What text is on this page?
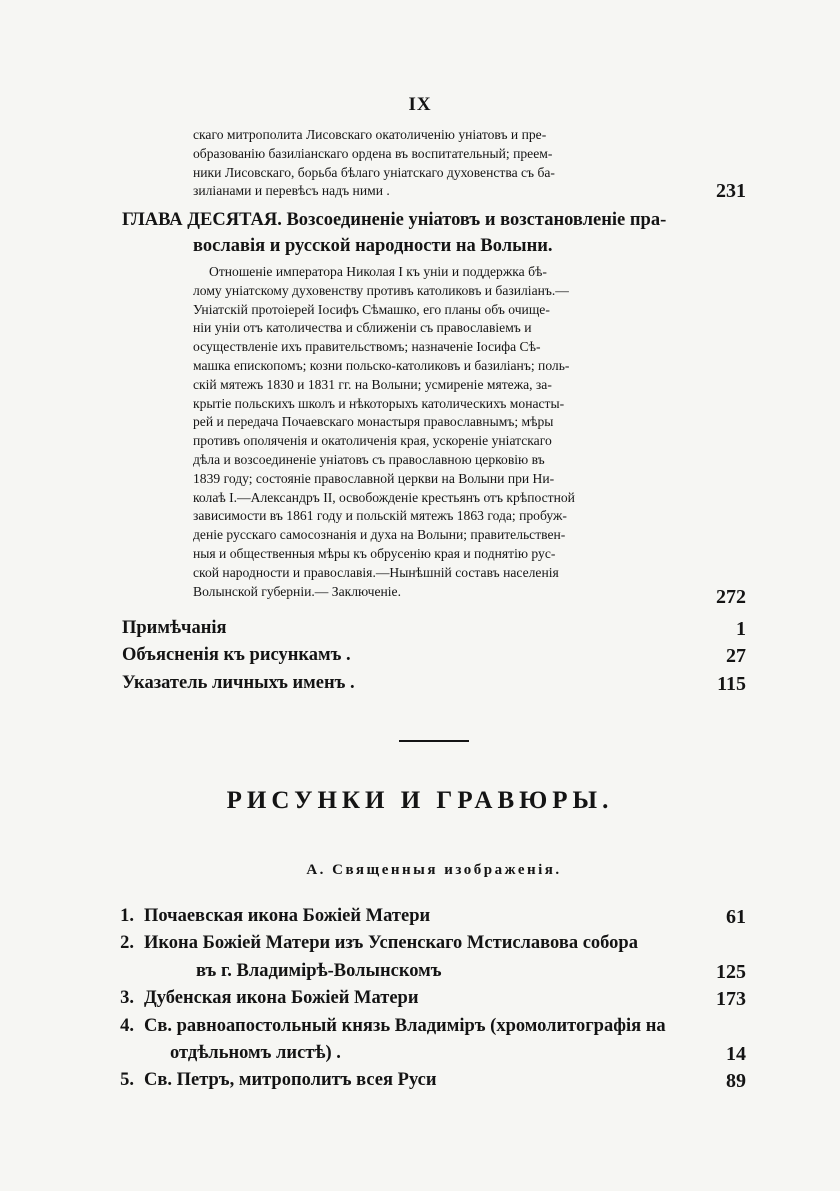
IX
скаго митрополита Лисовскаго окатоличенію уніатовъ и пре-
образованію базиліанскаго ордена въ воспитательный; преем-
ники Лисовскаго, борьба бѣлаго уніатскаго духовенства съ ба-
зиліанами и перевѣсъ надъ ними .	231
ГЛАВА ДЕСЯТАЯ. Возсоединеніе уніатовъ и возстановленіе пра-
вославія и русской народности на Волыни.
Отношеніе императора Николая I къ уніи и поддержка бѣ-
лому уніатскому духовенству противъ католиковъ и базиліанъ.—
Уніатскій протоіерей Іосифъ Сѣмашко, его планы объ очище-
ніи уніи отъ католичества и сближеніи съ православіемъ и
осуществленіе ихъ правительствомъ; назначеніе Іосифа Сѣ-
машка епископомъ; козни польско-католиковъ и базиліанъ; поль-
скій мятежъ 1830 и 1831 гг. на Волыни; усмиреніе мятежа, за-
крытіе польскихъ школъ и нѣкоторыхъ католическихъ монасты-
рей и передача Почаевскаго монастыря православнымъ; мѣры
противъ ополяченія и окатоличенія края, ускореніе уніатскаго
дѣла и возсоединеніе уніатовъ съ православною церковію въ
1839 году; состояніе православной церкви на Волыни при Ни-
колаѣ I.—Александръ II, освобожденіе крестьянъ отъ крѣпостной
зависимости въ 1861 году и польскій мятежъ 1863 года; пробуж-
деніе русскаго самосознанія и духа на Волыни; правительствен-
ныя и общественныя мѣры къ обрусенію края и поднятію рус-
ской народности и православія.—Нынѣшній составъ населенія
Волынской губерніи.— Заключеніе.	272
Примѣчанія	1
Объясненія къ рисункамъ .	27
Указатель личныхъ именъ .	115
РИСУНКИ И ГРАВЮРЫ.
А. Священныя изображенія.
1. Почаевская икона Божіей Матери	61
2. Икона Божіей Матери изъ Успенскаго Мстиславова собора
въ г. Владимірѣ-Волынскомъ	125
3. Дубенская икона Божіей Матери	173
4. Св. равноапостольный князь Владиміръ (хромолитографія на
отдѣльномъ листѣ) .	14
5. Св. Петръ, митрополитъ всея Руси	89
